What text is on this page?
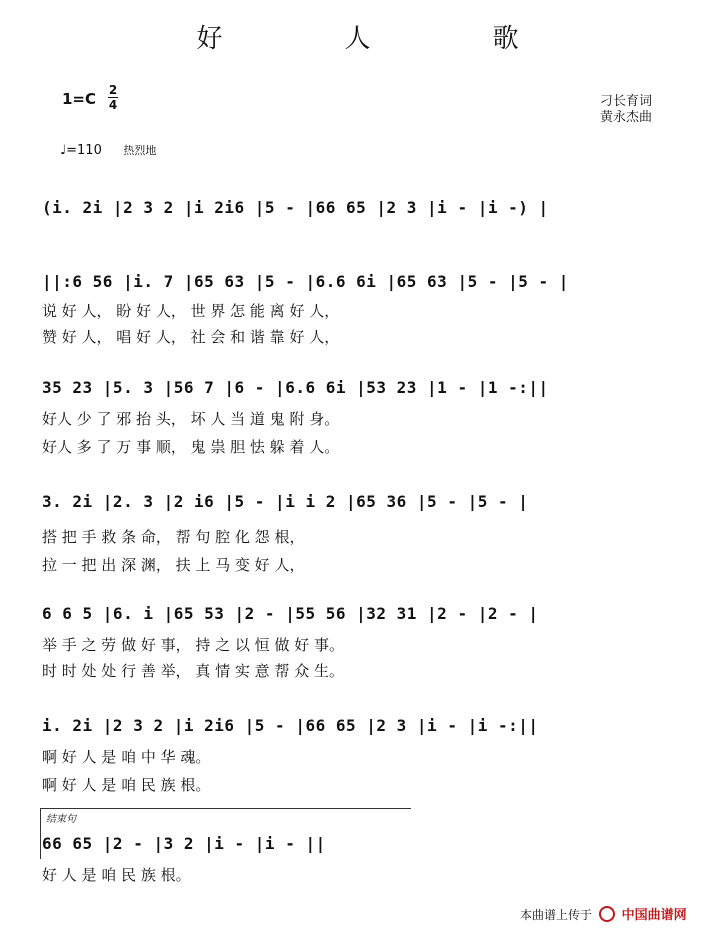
好　人　歌
1=C 2
4	刁长育词
黄永杰曲
♩=110 热烈地
(i. 2i |2 3 2 |i 2i6 |5 - |66 65 |2 3 |i - |i -) |
||:6 56 |i. 7 |65 63 |5 - |6.6 6i |65 63 |5 - |5 - |
说 好 人， 盼 好 人， 世 界 怎 能 离 好 人，
赞 好 人， 唱 好 人， 社 会 和 谐 靠 好 人，
35 23 |5. 3 |56 7 |6 - |6.6 6i |53 23 |1 - |1 -:||
好人 少 了 邪 抬 头， 坏 人 当 道 鬼 附 身。
好人 多 了 万 事 顺， 鬼 祟 胆 怯 躲 着 人。
3. 2i |2. 3 |2 i6 |5 - |i i 2 |65 36 |5 - |5 - |
搭 把 手 救 条 命， 帮 句 腔 化 怨 根，
拉 一 把 出 深 渊， 扶 上 马 变 好 人，
6 6 5 |6. i |65 53 |2 - |55 56 |32 31 |2 - |2 - |
举 手 之 劳 做 好 事， 持 之 以 恒 做 好 事。
时 时 处 处 行 善 举， 真 情 实 意 帮 众 生。
i. 2i |2 3 2 |i 2i6 |5 - |66 65 |2 3 |i - |i -:||
啊 好 人 是 咱 中 华 魂。
啊 好 人 是 咱 民 族 根。
结束句
66 65 |2 - |3 2 |i - |i - ||
好 人 是 咱 民 族 根。
本曲谱上传于 中国曲谱网
